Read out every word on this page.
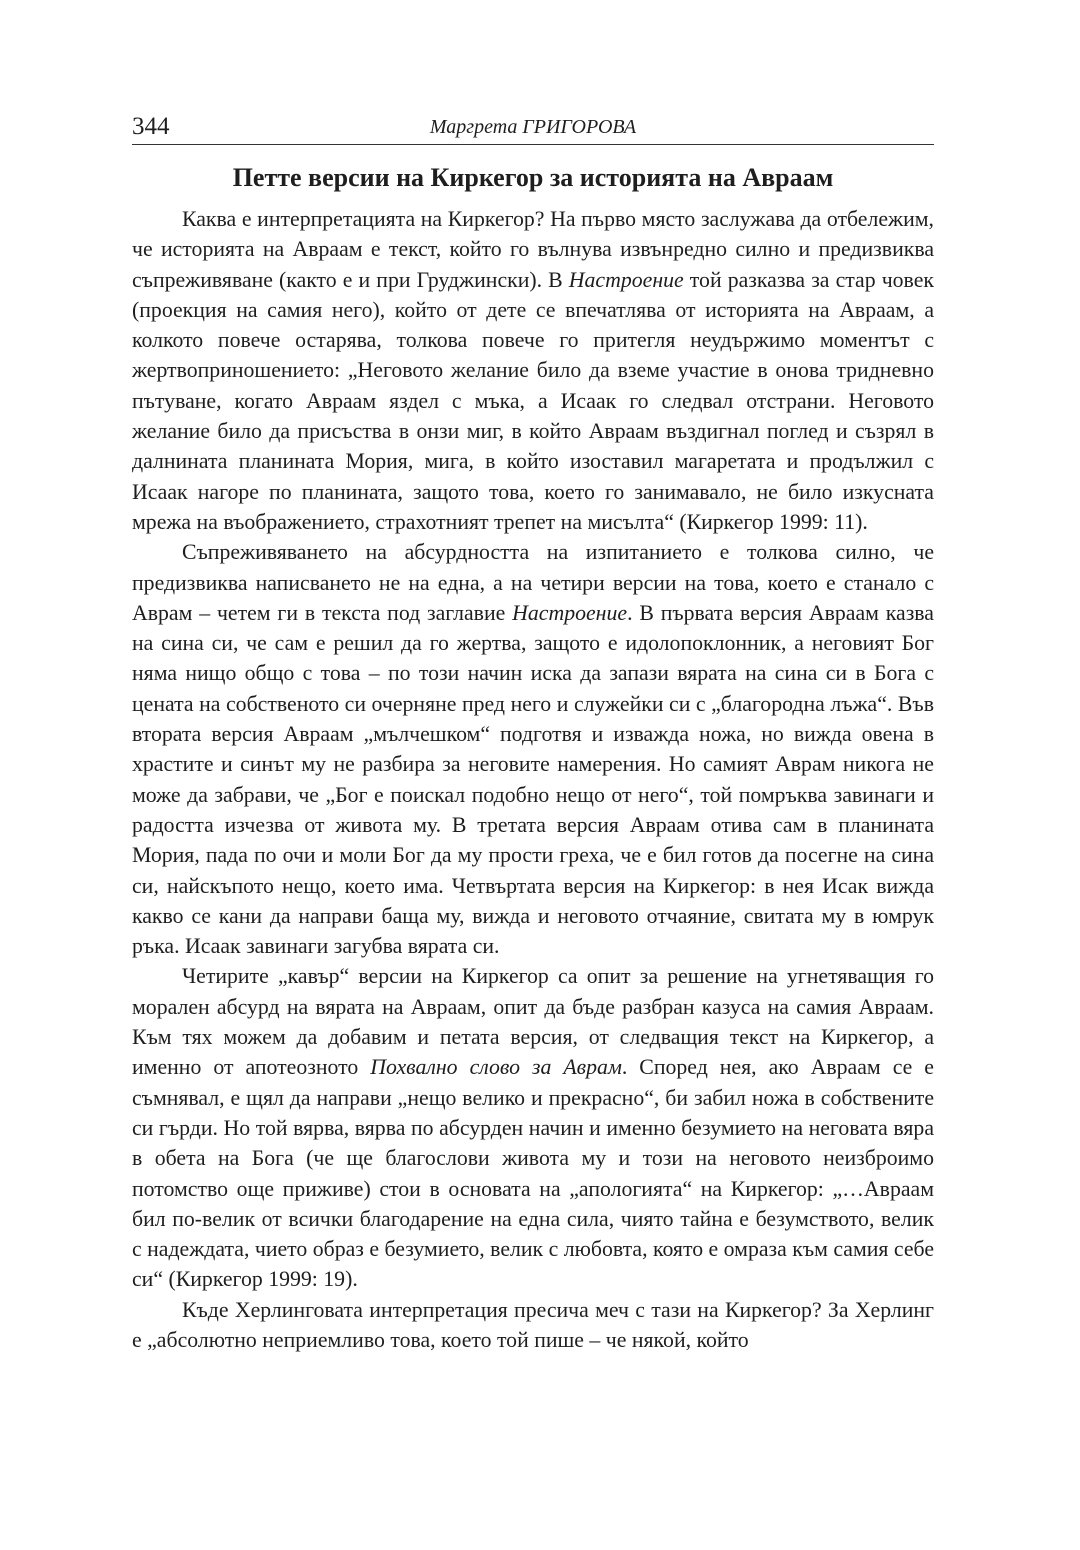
344	Маргрета ГРИГОРОВА
Петте версии на Киркегор за историята на Авраам

Каква е интерпретацията на Киркегор? На първо място заслужава да отбележим, че историята на Авраам е текст, който го вълнува извънредно силно и предизвиква съпреживяване (както е и при Груджински). В Настроение той разказва за стар човек (проекция на самия него), който от дете се впечатлява от историята на Авраам, а колкото повече остарява, толкова повече го притегля неудържимо моментът с жертвоприношението: „Неговото желание било да вземе участие в онова тридневно пътуване, когато Авраам яздел с мъка, а Исаак го следвал отстрани. Неговото желание било да присъства в онзи миг, в който Авраам въздигнал поглед и съзрял в далнината планината Мория, мига, в който изоставил магаретата и продължил с Исаак нагоре по планината, защото това, което го занимавало, не било изкусната мрежа на въображението, страхотният трепет на мисълта“ (Киркегор 1999: 11).

Съпреживяването на абсурдността на изпитанието е толкова силно, че предизвиква написването не на една, а на четири версии на това, което е станало с Аврам – четем ги в текста под заглавие Настроение. В първата версия Авраам казва на сина си, че сам е решил да го жертва, защото е идолопоклонник, а неговият Бог няма нищо общо с това – по този начин иска да запази вярата на сина си в Бога с цената на собственото си очерняне пред него и служейки си с „благородна лъжа“. Във втората версия Авраам „мълчешком“ подготвя и изважда ножа, но вижда овена в храстите и синът му не разбира за неговите намерения. Но самият Аврам никога не може да забрави, че „Бог е поискал подобно нещо от него“, той помръква завинаги и радостта изчезва от живота му. В третата версия Авраам отива сам в планината Мория, пада по очи и моли Бог да му прости греха, че е бил готов да посегне на сина си, найскъпото нещо, което има. Четвъртата версия на Киркегор: в нея Исак вижда какво се кани да направи баща му, вижда и неговото отчаяние, свитата му в юмрук ръка. Исаак завинаги загубва вярата си.

Четирите „кавър“ версии на Киркегор са опит за решение на угнетяващия го морален абсурд на вярата на Авраам, опит да бъде разбран казуса на самия Авраам. Към тях можем да добавим и петата версия, от следващия текст на Киркегор, а именно от апотеозното Похвално слово за Аврам. Според нея, ако Авраам се е съмнявал, е щял да направи „нещо велико и прекрасно“, би забил ножа в собствените си гърди. Но той вярва, вярва по абсурден начин и именно безумието на неговата вяра в обета на Бога (че ще благослови живота му и този на неговото неизброимо потомство още приживе) стои в основата на „апологията“ на Киркегор: „…Авраам бил по-велик от всички благодарение на една сила, чиято тайна е безумството, велик с надеждата, чието образ е безумието, велик с любовта, която е омраза към самия себе си“ (Киркегор 1999: 19).

Къде Херлинговата интерпретация пресича меч с тази на Киркегор? За Херлинг е „абсолютно неприемливо това, което той пише – че някой, който
